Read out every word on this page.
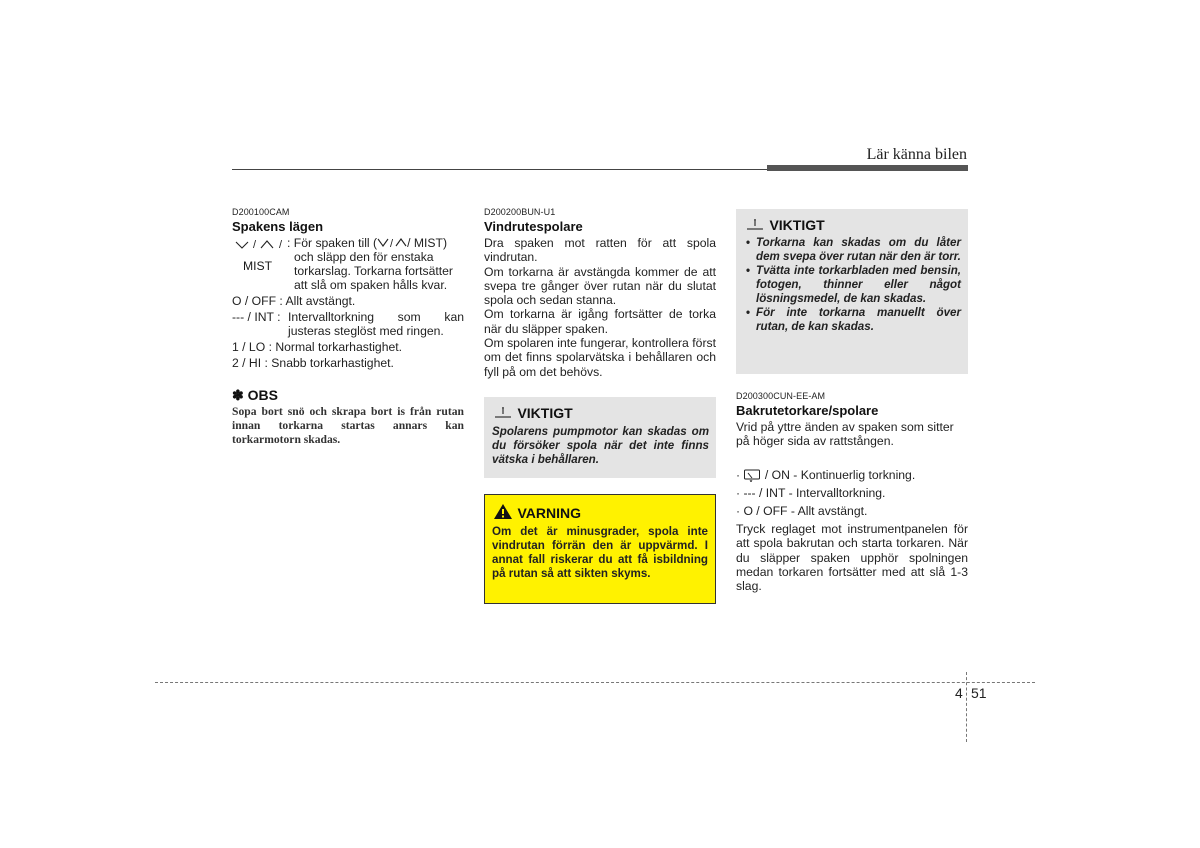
Lär känna bilen
D200100CAM
Spakens lägen
/ /
MIST
: För spaken till ( / / MIST)
och släpp den för enstaka
torkarslag. Torkarna fortsätter
att slå om spaken hålls kvar.
O / OFF : Allt avstängt.
--- / INT : Intervalltorkning som kan
justeras steglöst med ringen.
1 / LO : Normal torkarhastighet.
2 / HI : Snabb torkarhastighet.
✽ OBS
Sopa bort snö och skrapa bort is från rutan innan torkarna startas annars kan torkarmotorn skadas.
D200200BUN-U1
Vindrutespolare
Dra spaken mot ratten för att spola vindrutan.
Om torkarna är avstängda kommer de att svepa tre gånger över rutan när du slutat spola och sedan stanna.
Om torkarna är igång fortsätter de torka när du släpper spaken.
Om spolaren inte fungerar, kontrollera först om det finns spolarvätska i behållaren och fyll på om det behövs.
VIKTIGT
Spolarens pumpmotor kan skadas om du försöker spola när det inte finns vätska i behållaren.
VARNING
Om det är minusgrader, spola inte vindrutan förrän den är uppvärmd. I annat fall riskerar du att få isbildning på rutan så att sikten skyms.
VIKTIGT
• Torkarna kan skadas om du låter dem svepa över rutan när den är torr.
• Tvätta inte torkarbladen med bensin, fotogen, thinner eller något lösningsmedel, de kan skadas.
• För inte torkarna manuellt över rutan, de kan skadas.
D200300CUN-EE-AM
Bakrutetorkare/spolare
Vrid på yttre änden av spaken som sitter på höger sida av rattstången.
· / ON - Kontinuerlig torkning.
· --- / INT - Intervalltorkning.
· O / OFF - Allt avstängt.
Tryck reglaget mot instrumentpanelen för att spola bakrutan och starta torkaren. När du släpper spaken upphör spolningen medan torkaren fortsätter med att slå 1-3 slag.
4 51
